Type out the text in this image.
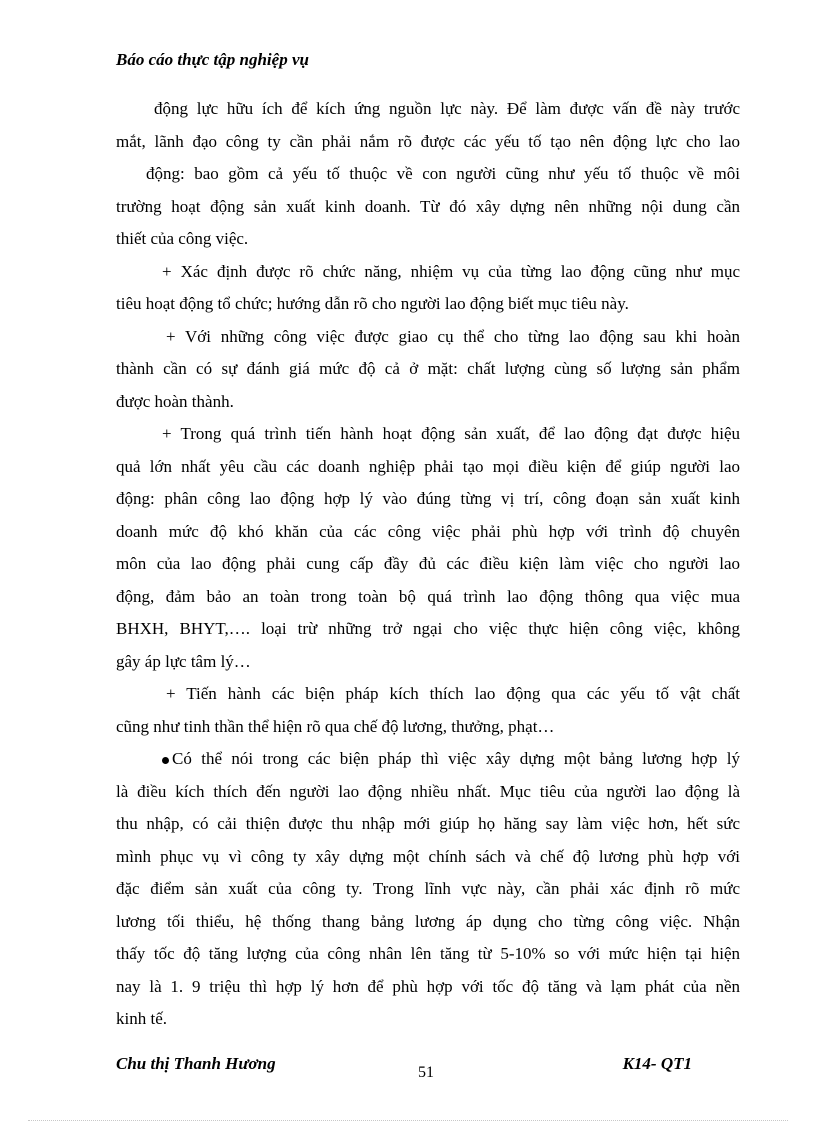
Báo cáo thực tập nghiệp vụ
động lực hữu ích để kích ứng nguồn lực này. Để làm được vấn đề này trước
mắt, lãnh đạo công ty cần phải nắm rõ được các yếu tố tạo nên động lực cho lao
động: bao gồm cả yếu tố thuộc về con người cũng như yếu tố thuộc về môi
trường hoạt động sản xuất kinh doanh. Từ đó xây dựng nên những nội dung cần
thiết của công việc.
+ Xác định được rõ chức năng, nhiệm vụ của từng lao động cũng như mục
tiêu hoạt động tổ chức; hướng dẫn rõ cho người lao động biết mục tiêu này.
+ Với những công việc được giao cụ thể cho từng lao động sau khi hoàn
thành cần có sự đánh giá mức độ cả ở mặt: chất lượng cùng số lượng sản phẩm
được hoàn thành.
+ Trong quá trình tiến hành hoạt động sản xuất, để lao động đạt được hiệu
quả lớn nhất yêu cầu các doanh nghiệp phải tạo mọi điều kiện để giúp người lao
động: phân công lao động hợp lý vào đúng từng vị trí, công đoạn sản xuất kinh
doanh mức độ khó khăn của các công việc phải phù hợp với trình độ chuyên
môn của lao động phải cung cấp đầy đủ các điều kiện làm việc cho người lao
động, đảm bảo an toàn trong toàn bộ quá trình lao động thông qua việc mua
BHXH, BHYT,…. loại trừ những trở ngại cho việc thực hiện công việc, không
gây áp lực tâm lý…
+ Tiến hành các biện pháp kích thích lao động qua các yếu tố vật chất
cũng như tinh thần thể hiện rõ qua chế độ lương, thưởng, phạt…
Có thể nói trong các biện pháp thì việc xây dựng một bảng lương hợp lý
là điều kích thích đến người lao động nhiều nhất. Mục tiêu của người lao động là
thu nhập, có cải thiện được thu nhập mới giúp họ hăng say làm việc hơn, hết sức
mình phục vụ vì công ty xây dựng một chính sách và chế độ lương phù hợp với
đặc điểm sản xuất của công ty. Trong lĩnh vực này, cần phải xác định rõ mức
lương tối thiểu, hệ thống thang bảng lương áp dụng cho từng công việc. Nhận
thấy tốc độ tăng lượng của công nhân lên tăng từ 5-10% so với mức hiện tại hiện
nay là 1. 9 triệu thì hợp lý hơn để phù hợp với tốc độ tăng và lạm phát của nền
kinh tế.
Chu thị Thanh Hương	51	K14- QT1
